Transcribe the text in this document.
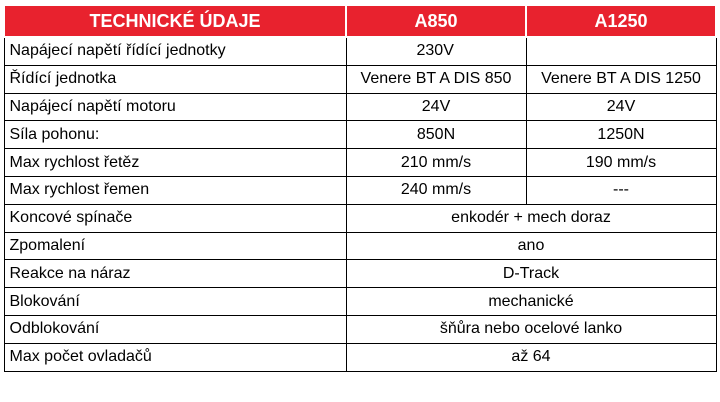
TECHNICKÉ ÚDAJE	A850	A1250
Napájecí napětí řídící jednotky	230V	
Řídící jednotka	Venere BT A DIS 850	Venere BT A DIS 1250
Napájecí napětí motoru	24V	24V
Síla pohonu:	850N	1250N
Max rychlost řetěz	210 mm/s	190 mm/s
Max rychlost řemen	240 mm/s	---
Koncové spínače	enkodér + mech doraz	
Zpomalení	ano	
Reakce na náraz	D-Track	
Blokování	mechanické	
Odblokování	šňůra nebo ocelové lanko	
Max počet ovladačů	až 64	
